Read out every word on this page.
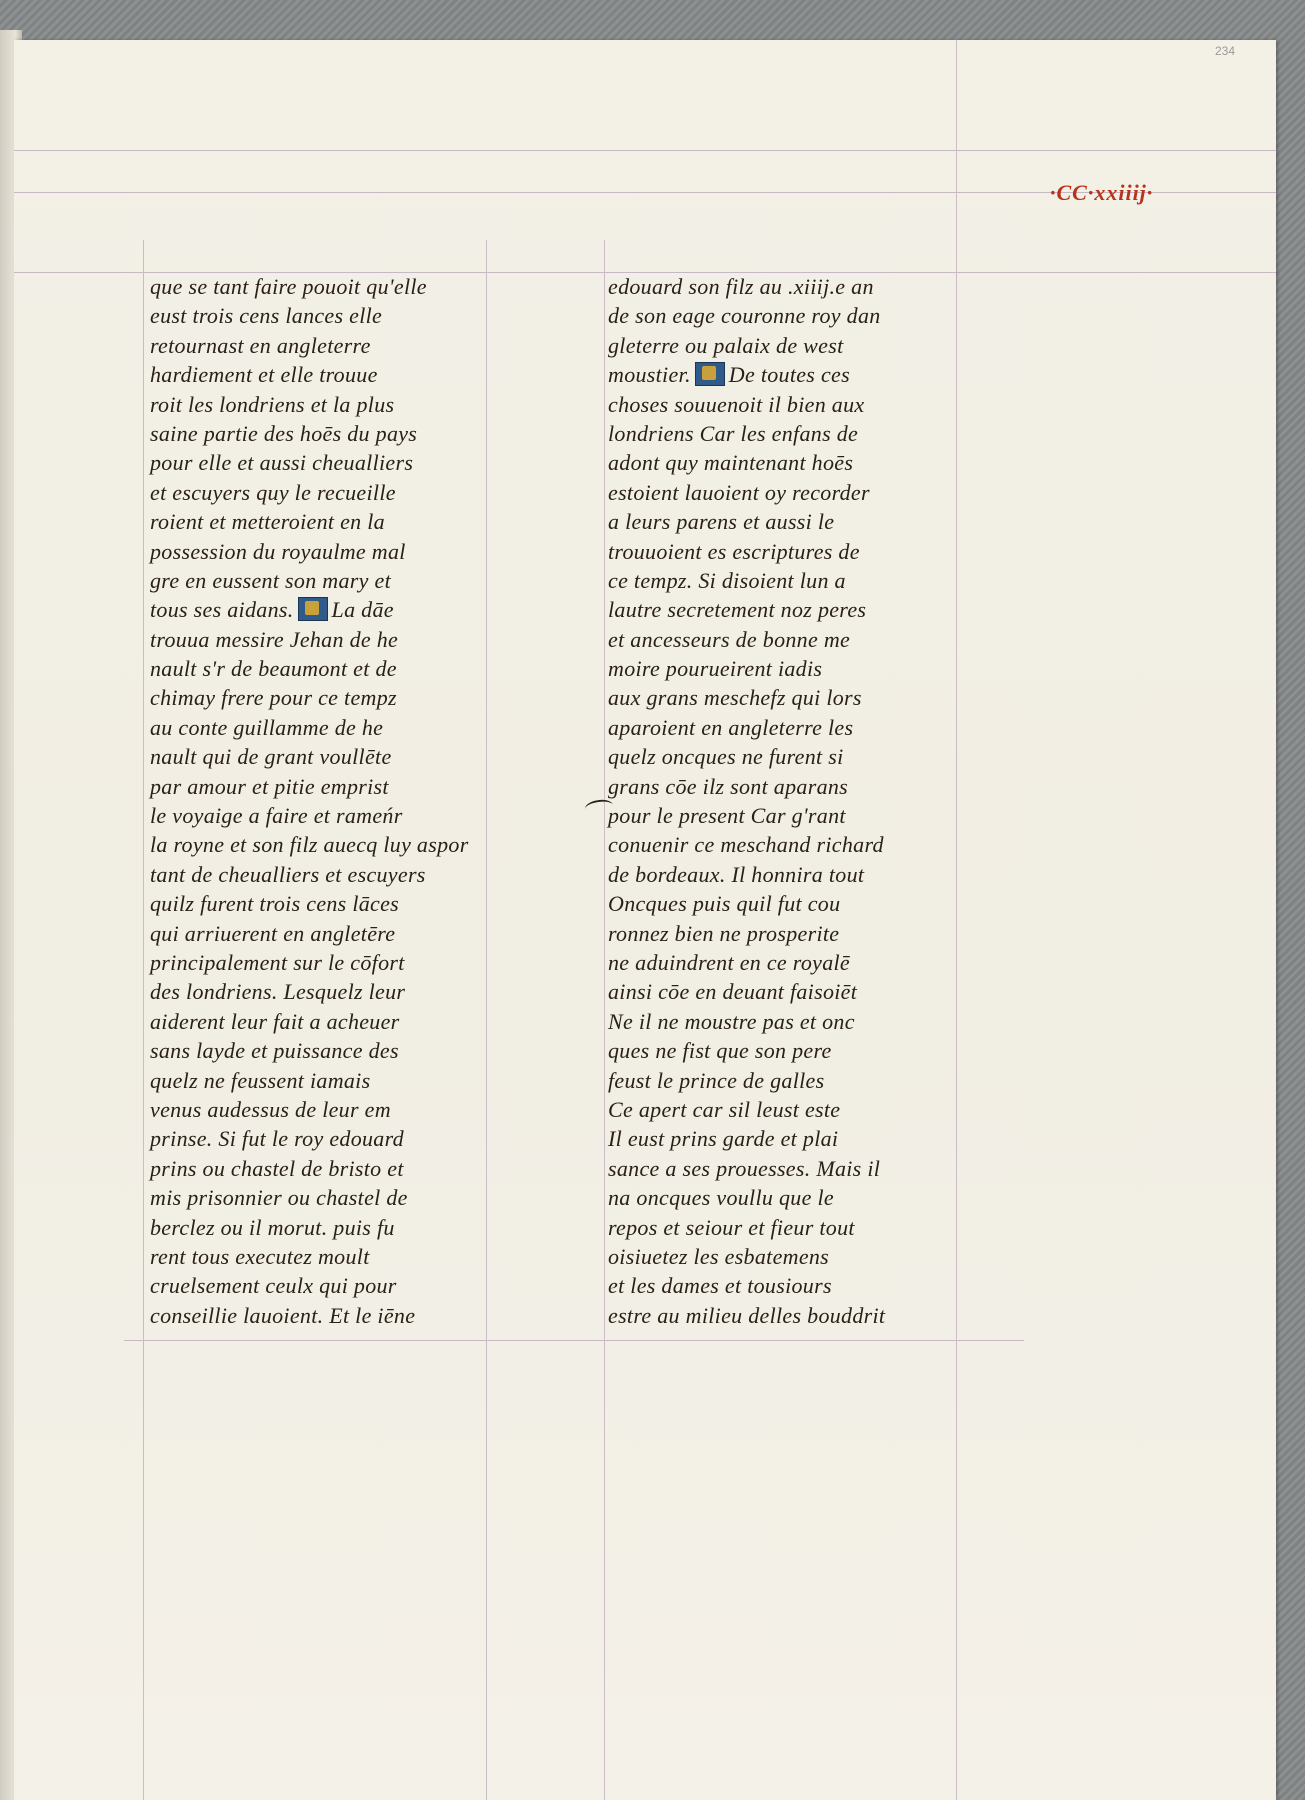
234
·CC·xxiiij·
que se tant faire pouoit qu'elle
eust trois cens lances elle
retournast en angleterre
hardiement et elle trouue
roit les londriens et la plus
saine partie des hoēs du pays
pour elle et aussi cheualliers
et escuyers quy le recueille
roient et metteroient en la
possession du royaulme mal
gre en eussent son mary et
tous ses aidans. La dāe
trouua messire Jehan de he
nault s'r de beaumont et de
chimay frere pour ce tempz
au conte guillamme de he
nault qui de grant voullēte
par amour et pitie emprist
le voyaige a faire et rameńr
la royne et son filz auecq luy aspor
tant de cheualliers et escuyers
quilz furent trois cens lāces
qui arriuerent en angletēre
principalement sur le cōfort
des londriens. Lesquelz leur
aiderent leur fait a acheuer
sans layde et puissance des
quelz ne feussent iamais
venus audessus de leur em
prinse. Si fut le roy edouard
prins ou chastel de bristo et
mis prisonnier ou chastel de
berclez ou il morut. puis fu
rent tous executez moult
cruelsement ceulx qui pour
conseillie lauoient. Et le iēne
edouard son filz au .xiiij.e an
de son eage couronne roy dan
gleterre ou palaix de west
moustier. De toutes ces
choses souuenoit il bien aux
londriens Car les enfans de
adont quy maintenant hoēs
estoient lauoient oy recorder
a leurs parens et aussi le
trouuoient es escriptures de
ce tempz. Si disoient lun a
lautre secretement noz peres
et ancesseurs de bonne me
moire pourueirent iadis
aux grans meschefz qui lors
aparoient en angleterre les
quelz oncques ne furent si
grans cōe ilz sont aparans
pour le present Car g'rant
conuenir ce meschand richard
de bordeaux. Il honnira tout
Oncques puis quil fut cou
ronnez bien ne prosperite
ne aduindrent en ce royalē
ainsi cōe en deuant faisoiēt
Ne il ne moustre pas et onc
ques ne fist que son pere
feust le prince de galles
Ce apert car sil leust este
Il eust prins garde et plai
sance a ses prouesses. Mais il
na oncques voullu que le
repos et seiour et fieur tout
oisiuetez les esbatemens
et les dames et tousiours
estre au milieu delles bouddrit
